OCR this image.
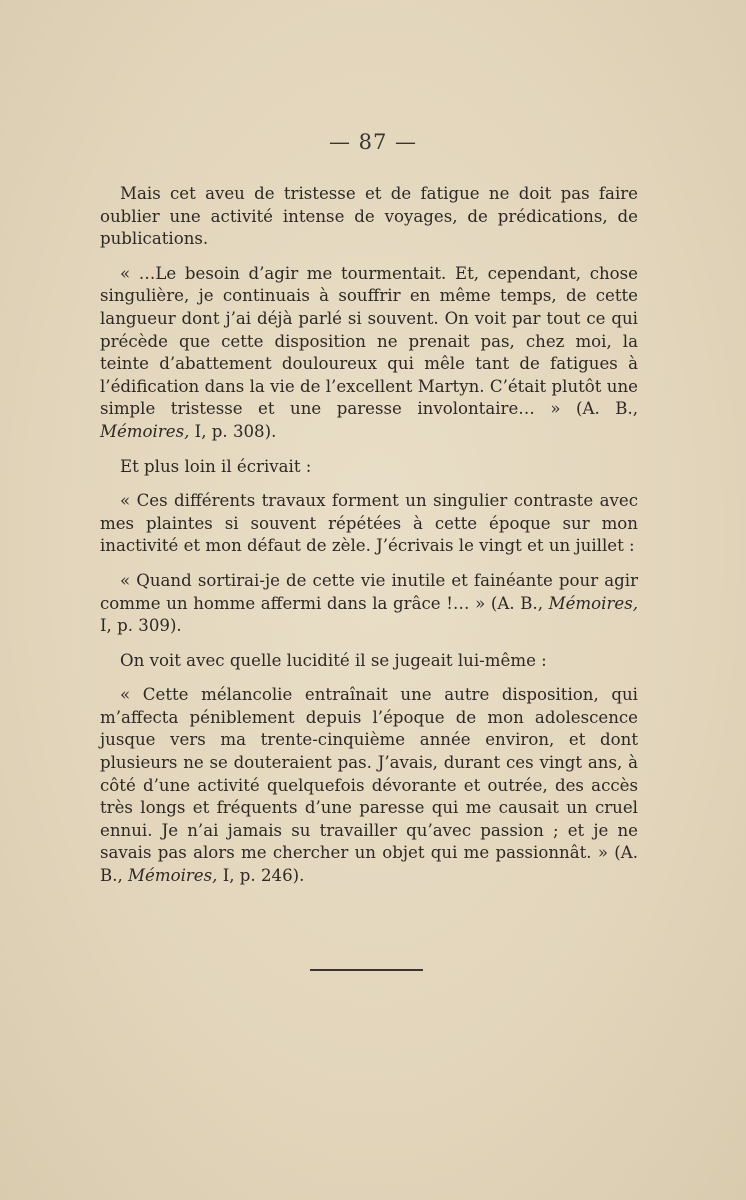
— 87 —

Mais cet aveu de tristesse et de fatigue ne doit pas faire oublier une activité intense de voyages, de prédications, de publications.

« …Le besoin d’agir me tourmentait. Et, cependant, chose singulière, je continuais à souffrir en même temps, de cette langueur dont j’ai déjà parlé si souvent. On voit par tout ce qui précède que cette disposition ne prenait pas, chez moi, la teinte d’abattement douloureux qui mêle tant de fatigues à l’édification dans la vie de l’excellent Martyn. C’était plutôt une simple tristesse et une paresse involontaire… » (A. B., Mémoires, I, p. 308).

Et plus loin il écrivait :

« Ces différents travaux forment un singulier contraste avec mes plaintes si souvent répétées à cette époque sur mon inactivité et mon défaut de zèle. J’écrivais le vingt et un juillet :

« Quand sortirai-je de cette vie inutile et fainéante pour agir comme un homme affermi dans la grâce !… » (A. B., Mémoires, I, p. 309).

On voit avec quelle lucidité il se jugeait lui-même :

« Cette mélancolie entraînait une autre disposition, qui m’affecta péniblement depuis l’époque de mon adolescence jusque vers ma trente-cinquième année environ, et dont plusieurs ne se douteraient pas. J’avais, durant ces vingt ans, à côté d’une activité quelquefois dévorante et outrée, des accès très longs et fréquents d’une paresse qui me causait un cruel ennui. Je n’ai jamais su travailler qu’avec passion ; et je ne savais pas alors me chercher un objet qui me passionnât. » (A. B., Mémoires, I, p. 246).
